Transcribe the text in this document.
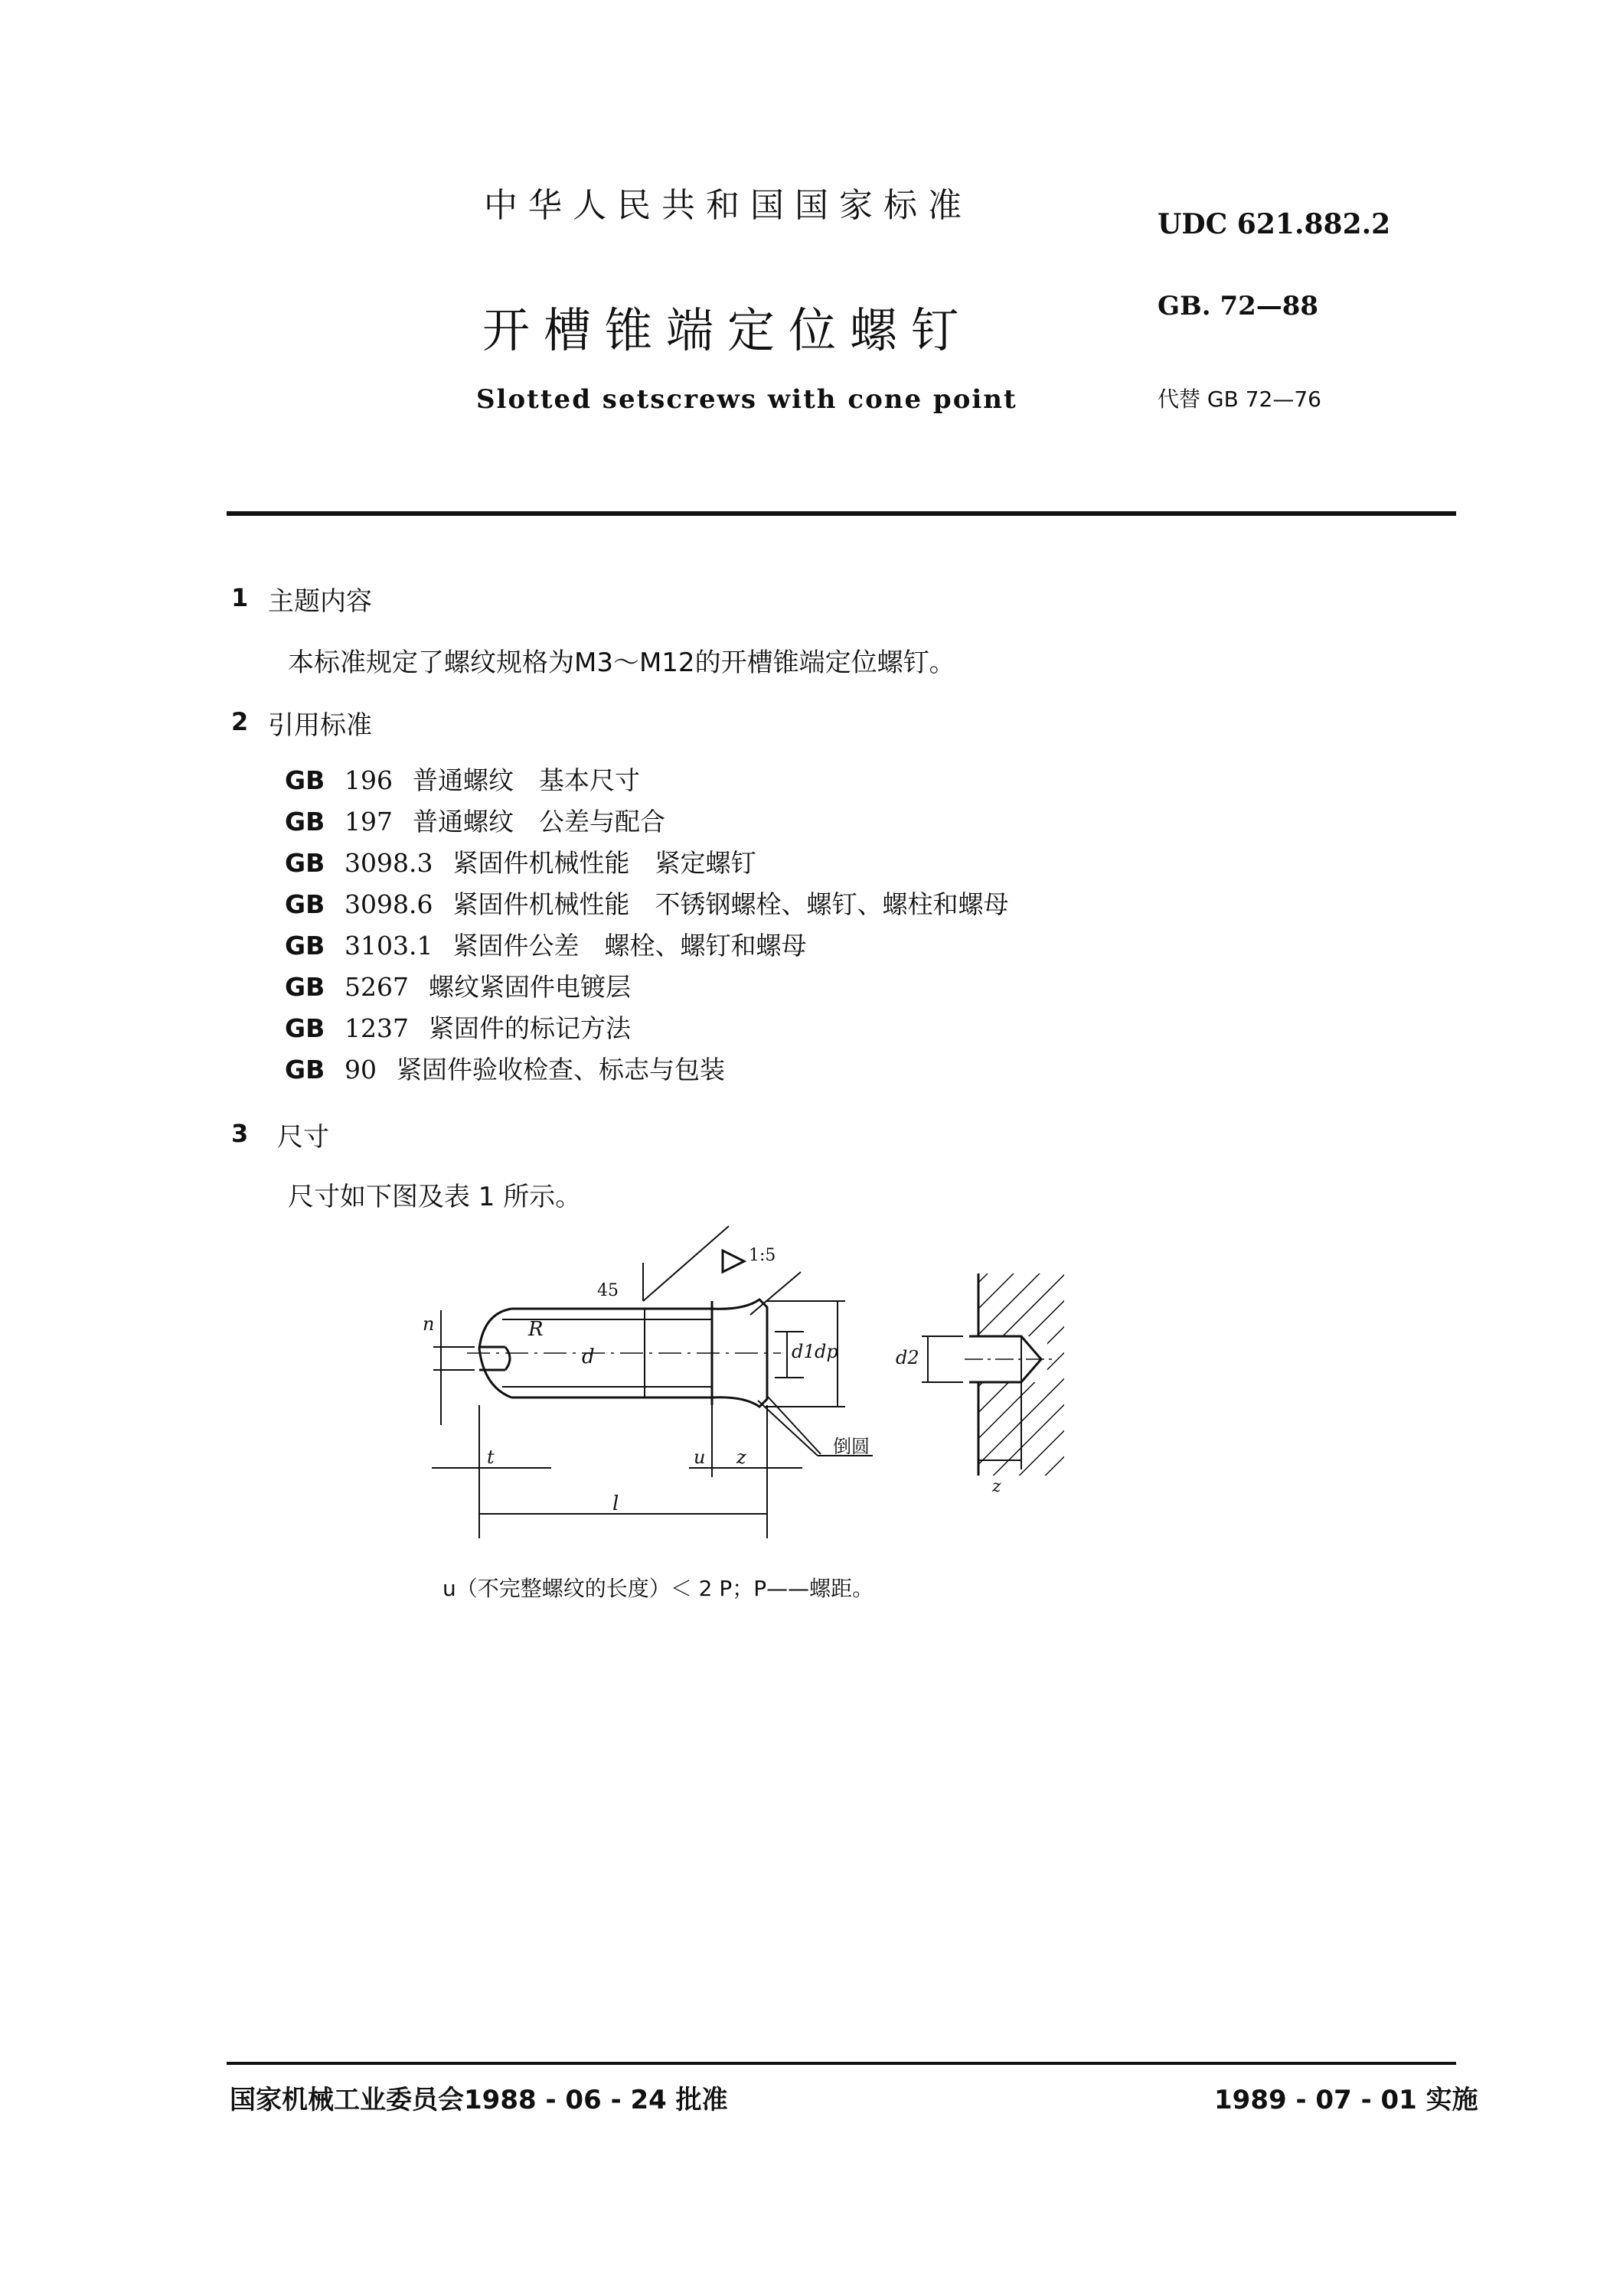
中华人民共和国国家标准	UDC 621.882.2
开槽锥端定位螺钉	GB. 72—88
Slotted setscrews with cone point	代替 GB 72—76
1 主题内容
本标准规定了螺纹规格为M3～M12的开槽锥端定位螺钉。
2 引用标准
GB 196 普通螺纹　基本尺寸
GB 197 普通螺纹　公差与配合
GB 3098.3 紧固件机械性能　紧定螺钉
GB 3098.6 紧固件机械性能　不锈钢螺栓、螺钉、螺柱和螺母
GB 3103.1 紧固件公差　螺栓、螺钉和螺母
GB 5267 螺纹紧固件电镀层
GB 1237 紧固件的标记方法
GB 90 紧固件验收检查、标志与包装
3 尺寸
尺寸如下图及表 1 所示。
1:5
45
n	R
d	d1 dp	d2
t	u z
l
z
倒圆
u（不完整螺纹的长度）＜ 2 P；P——螺距。
国家机械工业委员会1988 - 06 - 24 批准	1989 - 07 - 01 实施
